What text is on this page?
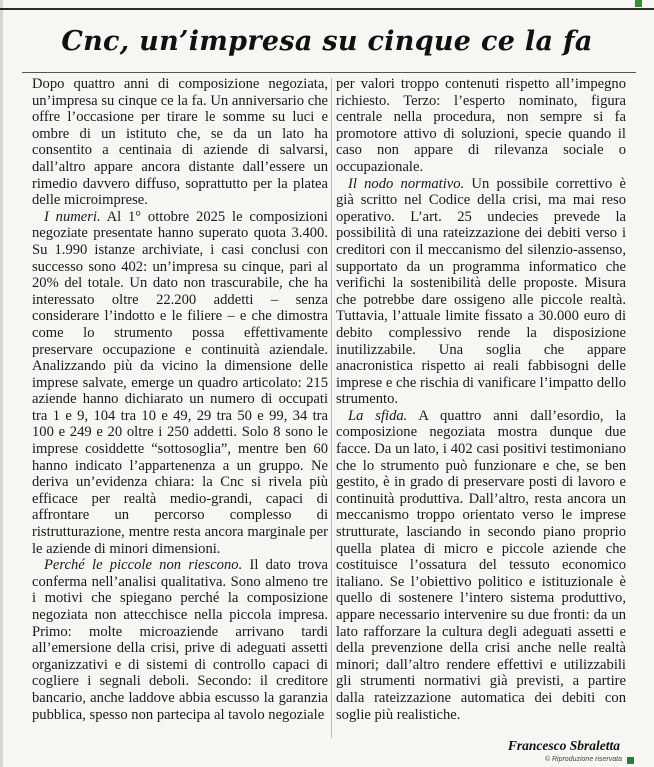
Cnc, un’impresa su cinque ce la fa

Dopo quattro anni di composizione negoziata, un’impresa su cinque ce la fa. Un anniversario che offre l’occasione per tirare le somme su luci e ombre di un istituto che, se da un lato ha consentito a centinaia di aziende di salvarsi, dall’altro appare ancora distante dall’essere un rimedio davvero diffuso, soprattutto per la platea delle microimprese.

I numeri. Al 1° ottobre 2025 le composizioni negoziate presentate hanno superato quota 3.400. Su 1.990 istanze archiviate, i casi conclusi con successo sono 402: un’impresa su cinque, pari al 20% del totale. Un dato non trascurabile, che ha interessato oltre 22.200 addetti – senza considerare l’indotto e le filiere – e che dimostra come lo strumento possa effettivamente preservare occupazione e continuità aziendale. Analizzando più da vicino la dimensione delle imprese salvate, emerge un quadro articolato: 215 aziende hanno dichiarato un numero di occupati tra 1 e 9, 104 tra 10 e 49, 29 tra 50 e 99, 34 tra 100 e 249 e 20 oltre i 250 addetti. Solo 8 sono le imprese cosiddette “sottosoglia”, mentre ben 60 hanno indicato l’appartenenza a un gruppo. Ne deriva un’evidenza chiara: la Cnc si rivela più efficace per realtà medio-grandi, capaci di affrontare un percorso complesso di ristrutturazione, mentre resta ancora marginale per le aziende di minori dimensioni.

Perché le piccole non riescono. Il dato trova conferma nell’analisi qualitativa. Sono almeno tre i motivi che spiegano perché la composizione negoziata non attecchisce nella piccola impresa. Primo: molte microaziende arrivano tardi all’emersione della crisi, prive di adeguati assetti organizzativi e di sistemi di controllo capaci di cogliere i segnali deboli. Secondo: il creditore bancario, anche laddove abbia escusso la garanzia pubblica, spesso non partecipa al tavolo negoziale

per valori troppo contenuti rispetto all’impegno richiesto. Terzo: l’esperto nominato, figura centrale nella procedura, non sempre si fa promotore attivo di soluzioni, specie quando il caso non appare di rilevanza sociale o occupazionale.

Il nodo normativo. Un possibile correttivo è già scritto nel Codice della crisi, ma mai reso operativo. L’art. 25 undecies prevede la possibilità di una rateizzazione dei debiti verso i creditori con il meccanismo del silenzio-assenso, supportato da un programma informatico che verifichi la sostenibilità delle proposte. Misura che potrebbe dare ossigeno alle piccole realtà. Tuttavia, l’attuale limite fissato a 30.000 euro di debito complessivo rende la disposizione inutilizzabile. Una soglia che appare anacronistica rispetto ai reali fabbisogni delle imprese e che rischia di vanificare l’impatto dello strumento.

La sfida. A quattro anni dall’esordio, la composizione negoziata mostra dunque due facce. Da un lato, i 402 casi positivi testimoniano che lo strumento può funzionare e che, se ben gestito, è in grado di preservare posti di lavoro e continuità produttiva. Dall’altro, resta ancora un meccanismo troppo orientato verso le imprese strutturate, lasciando in secondo piano proprio quella platea di micro e piccole aziende che costituisce l’ossatura del tessuto economico italiano. Se l’obiettivo politico e istituzionale è quello di sostenere l’intero sistema produttivo, appare necessario intervenire su due fronti: da un lato rafforzare la cultura degli adeguati assetti e della prevenzione della crisi anche nelle realtà minori; dall’altro rendere effettivi e utilizzabili gli strumenti normativi già previsti, a partire dalla rateizzazione automatica dei debiti con soglie più realistiche.

Francesco Sbraletta
© Riproduzione riservata
